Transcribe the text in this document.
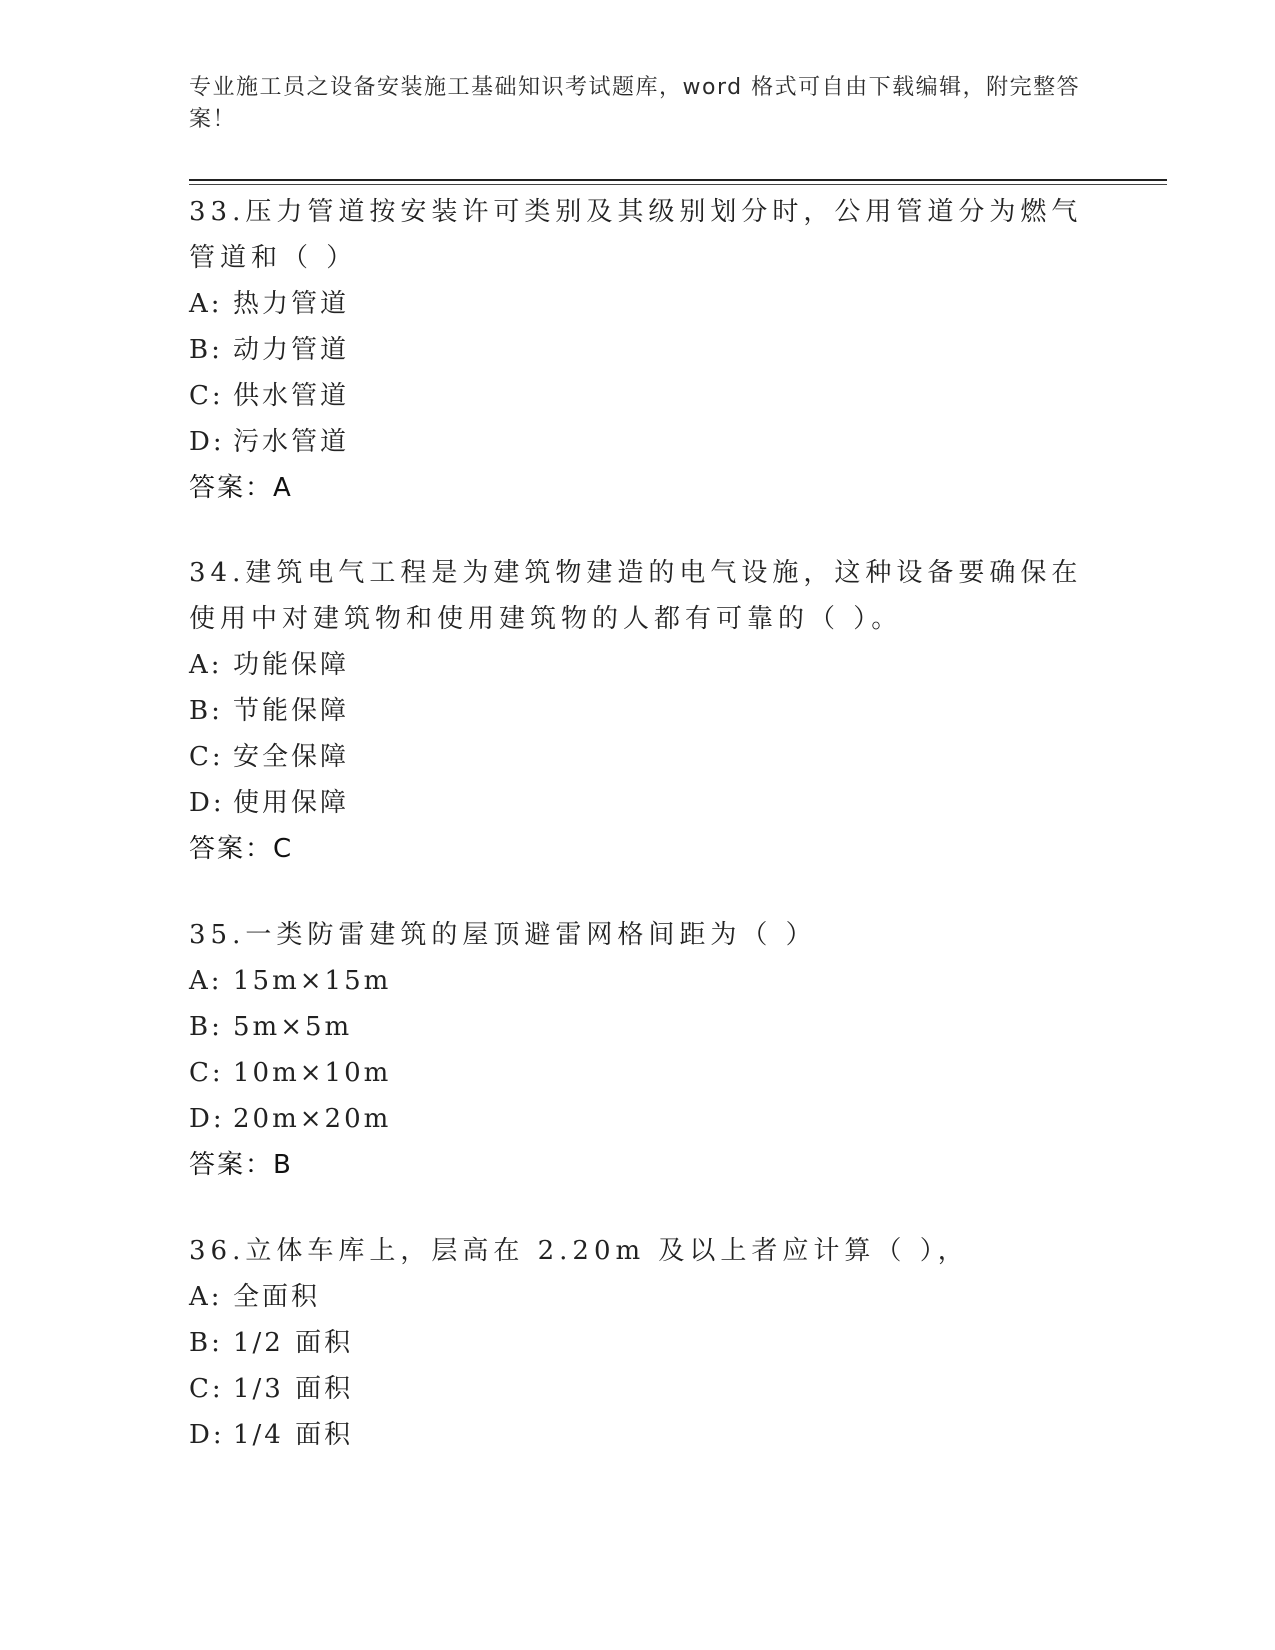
专业施工员之设备安装施工基础知识考试题库，word 格式可自由下载编辑，附完整答案！

33.压力管道按安装许可类别及其级别划分时，公用管道分为燃气管道和（ ）

A: 热力管道

B: 动力管道

C: 供水管道

D: 污水管道

答案：A

34.建筑电气工程是为建筑物建造的电气设施，这种设备要确保在使用中对建筑物和使用建筑物的人都有可靠的（ ）。

A: 功能保障

B: 节能保障

C: 安全保障

D: 使用保障

答案：C

35.一类防雷建筑的屋顶避雷网格间距为（ ）

A: 15m×15m

B: 5m×5m

C: 10m×10m

D: 20m×20m

答案：B

36.立体车库上，层高在 2.20m 及以上者应计算（ ），

A: 全面积

B: 1/2 面积

C: 1/3 面积

D: 1/4 面积
